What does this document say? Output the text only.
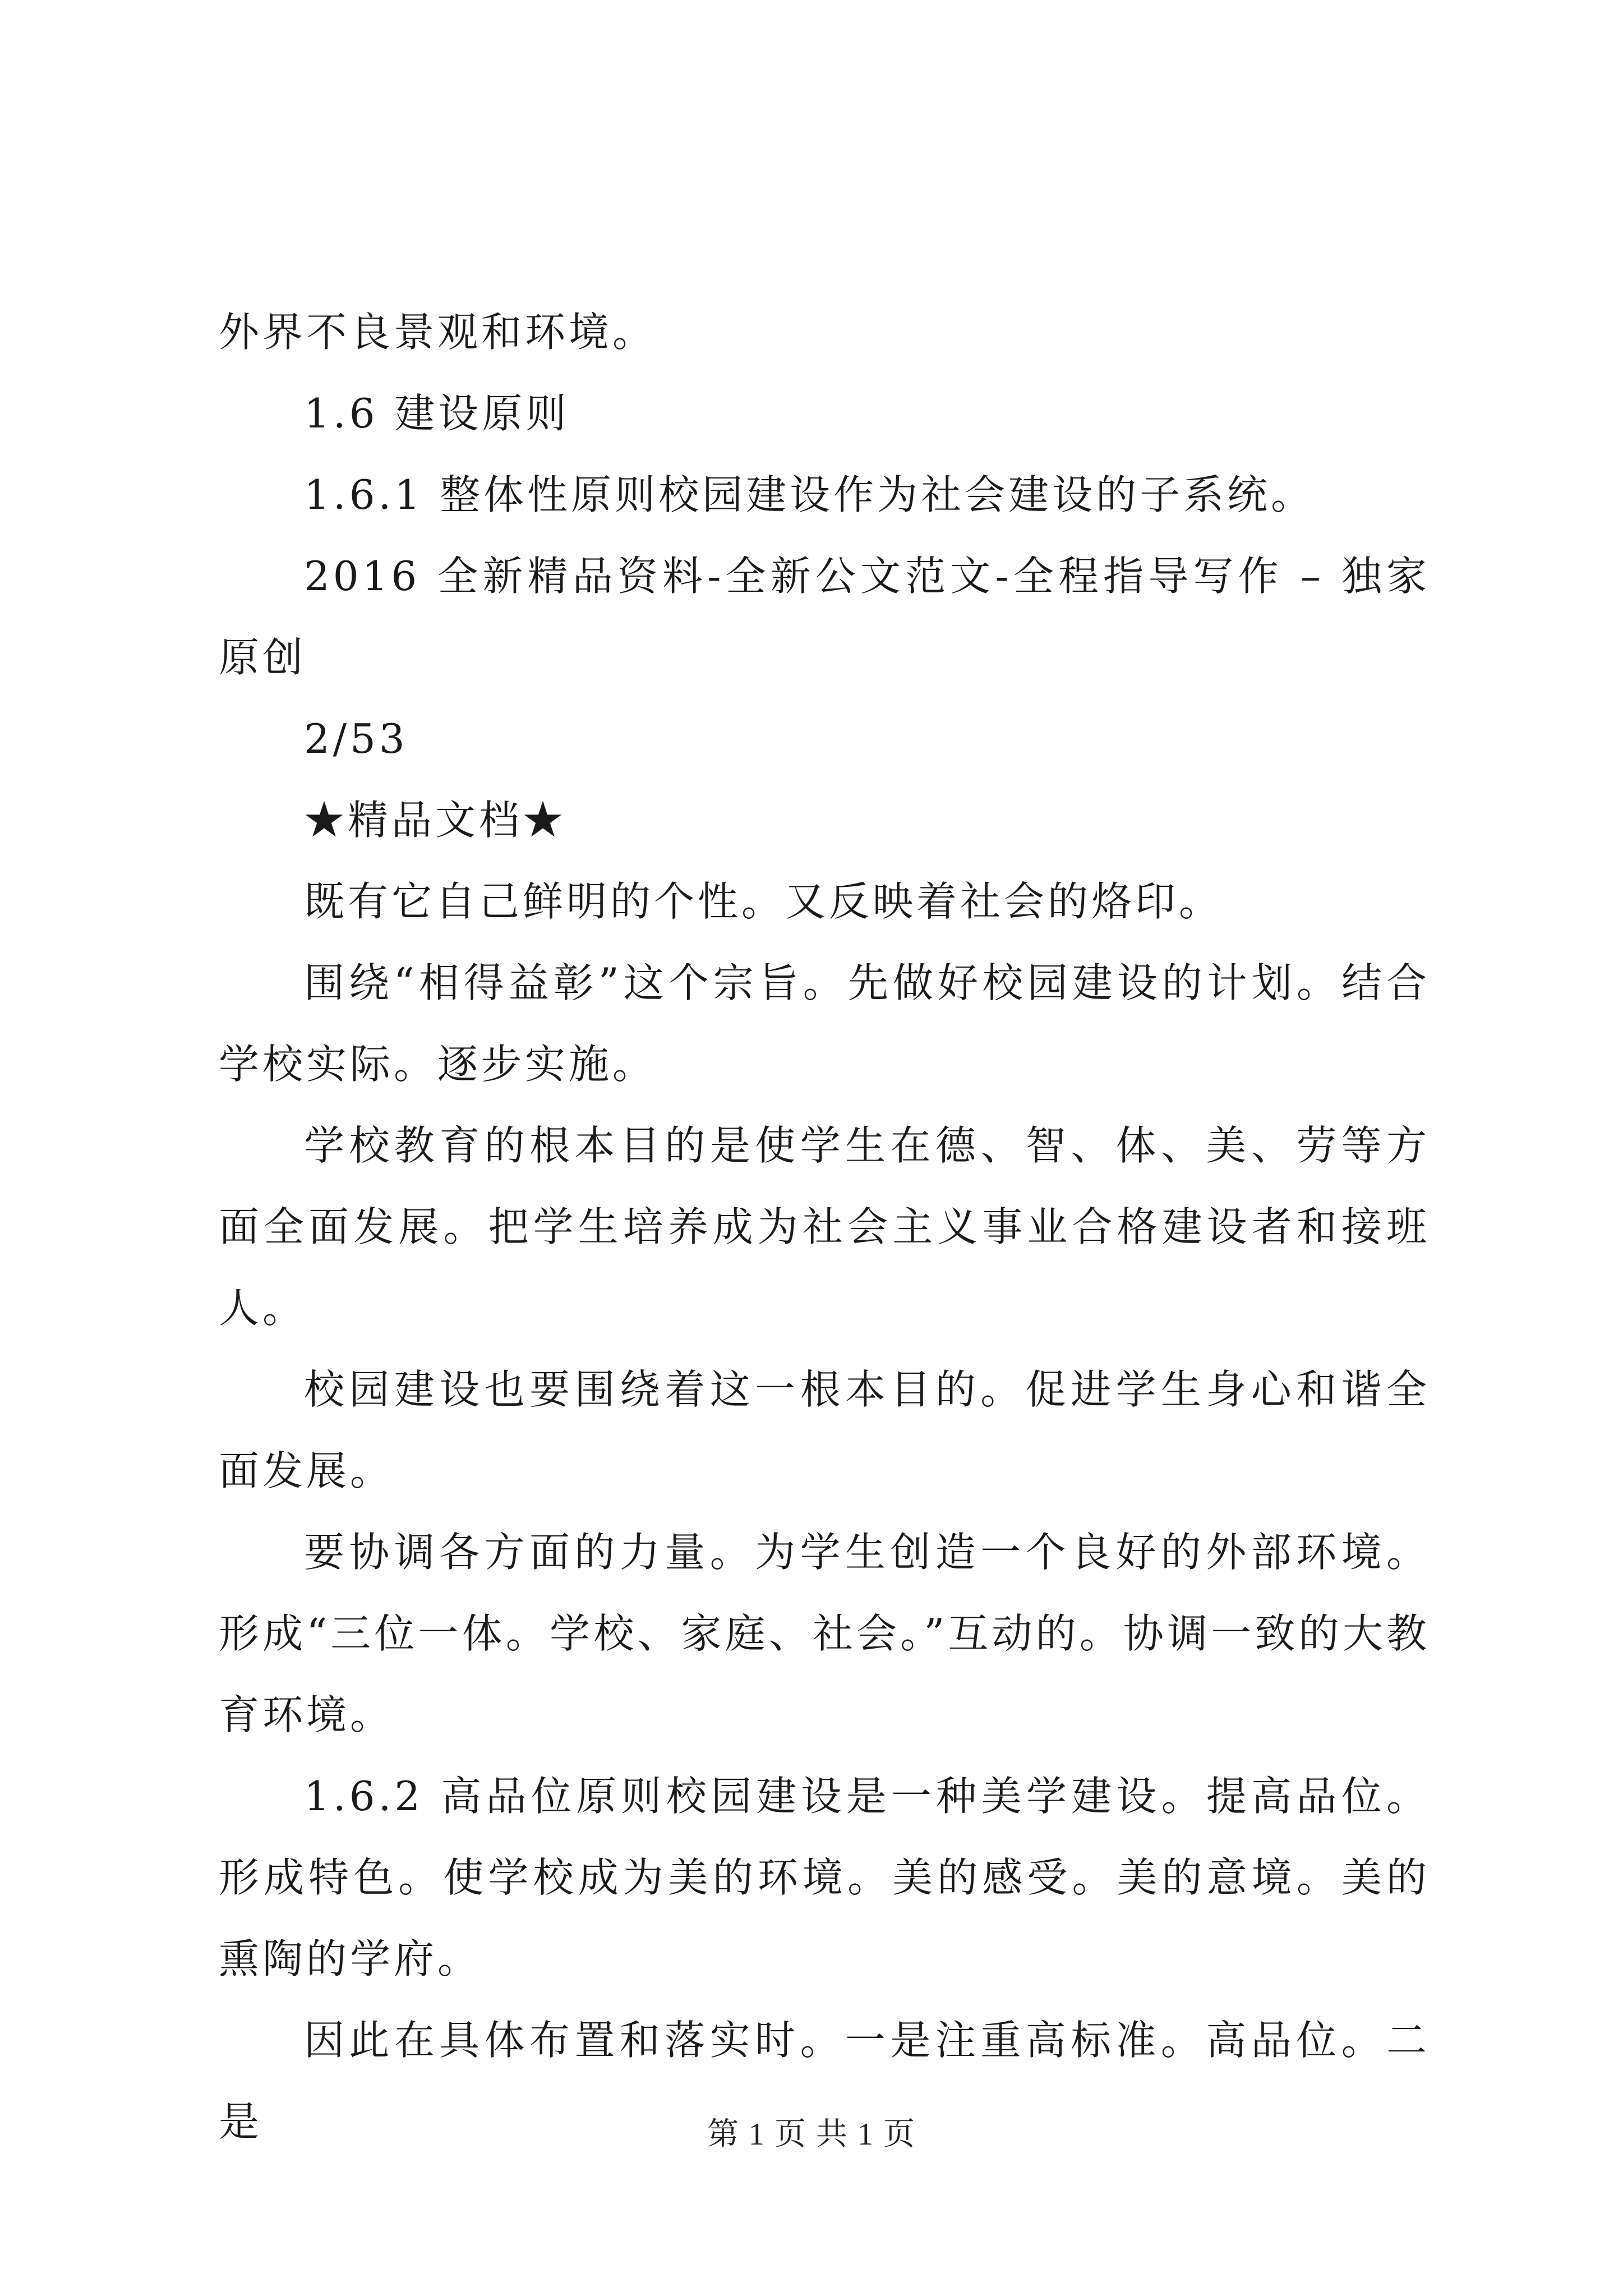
外界不良景观和环境。

1.6 建设原则

1.6.1 整体性原则校园建设作为社会建设的子系统。

2016 全新精品资料-全新公文范文-全程指导写作 – 独家原创

2/53

★精品文档★

既有它自己鲜明的个性。又反映着社会的烙印。

围绕“相得益彰”这个宗旨。先做好校园建设的计划。结合学校实际。逐步实施。

学校教育的根本目的是使学生在德、智、体、美、劳等方面全面发展。把学生培养成为社会主义事业合格建设者和接班人。

校园建设也要围绕着这一根本目的。促进学生身心和谐全面发展。

要协调各方面的力量。为学生创造一个良好的外部环境。形成“三位一体。学校、家庭、社会。”互动的。协调一致的大教育环境。

1.6.2 高品位原则校园建设是一种美学建设。提高品位。形成特色。使学校成为美的环境。美的感受。美的意境。美的熏陶的学府。

因此在具体布置和落实时。一是注重高标准。高品位。二是	第 1 页 共 1 页
